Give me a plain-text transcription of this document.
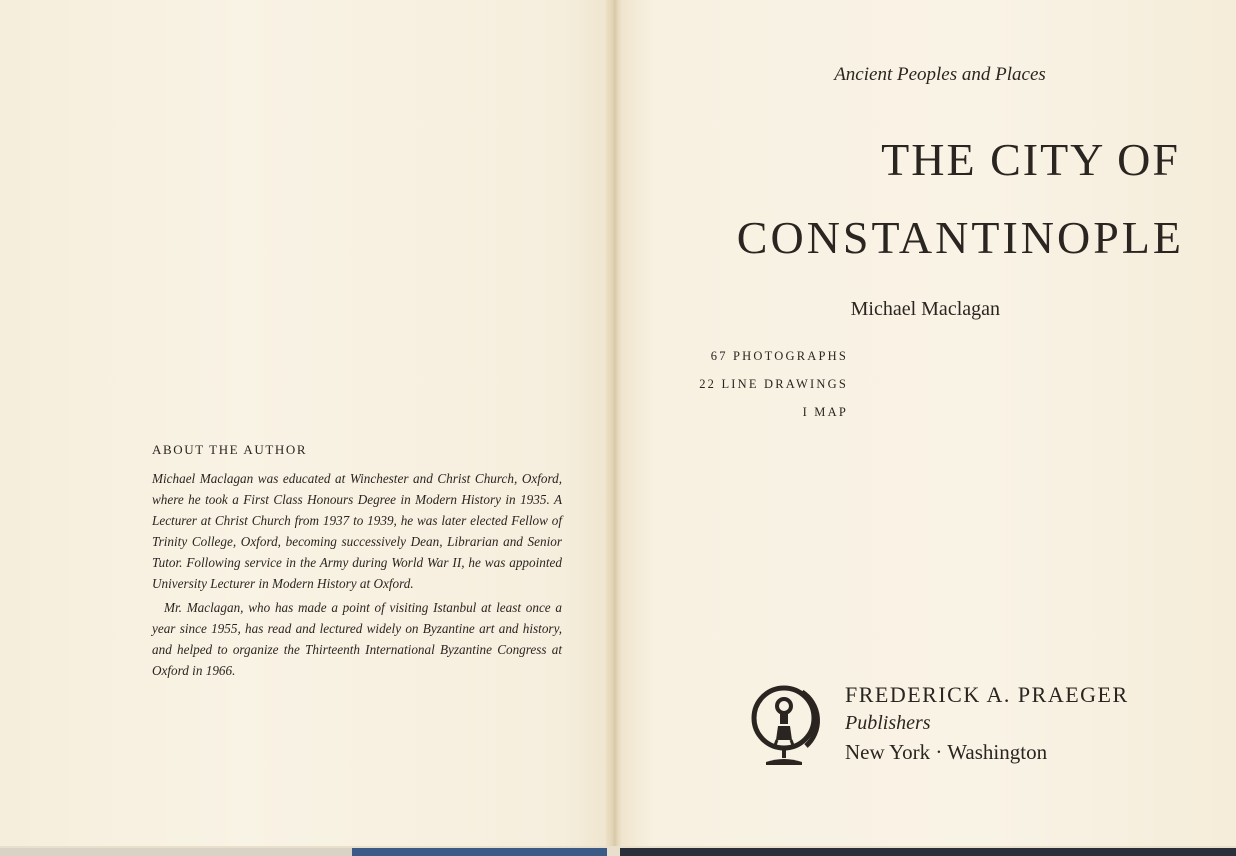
ABOUT THE AUTHOR

Michael Maclagan was educated at Winchester and Christ Church, Oxford, where he took a First Class Honours Degree in Modern History in 1935. A Lecturer at Christ Church from 1937 to 1939, he was later elected Fellow of Trinity College, Oxford, becoming successively Dean, Librarian and Senior Tutor. Following service in the Army during World War II, he was appointed University Lecturer in Modern History at Oxford.

Mr. Maclagan, who has made a point of visiting Istanbul at least once a year since 1955, has read and lectured widely on Byzantine art and history, and helped to organize the Thirteenth International Byzantine Congress at Oxford in 1966.

Ancient Peoples and Places
THE CITY OF
CONSTANTINOPLE
Michael Maclagan
67 PHOTOGRAPHS
22 LINE DRAWINGS
I MAP
FREDERICK A. PRAEGER
Publishers
New York · Washington
